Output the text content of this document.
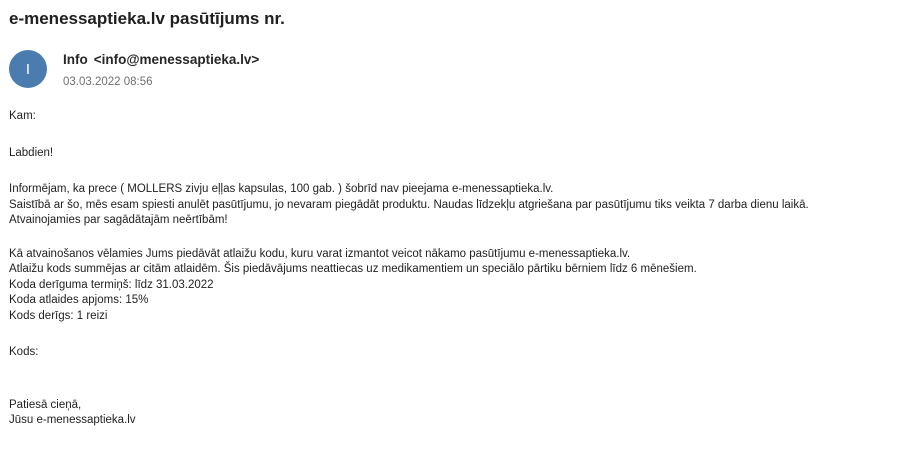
e-menessaptieka.lv pasūtījums nr.
I
Info <info@menessaptieka.lv>
03.03.2022 08:56
Kam:
Labdien!
Informējam, ka prece ( MOLLERS zivju eļļas kapsulas, 100 gab. ) šobrīd nav pieejama e-menessaptieka.lv.
Saistībā ar šo, mēs esam spiesti anulēt pasūtījumu, jo nevaram piegādāt produktu. Naudas līdzekļu atgriešana par pasūtījumu tiks veikta 7 darba dienu laikā.
Atvainojamies par sagādātajām neērtībām!
Kā atvainošanos vēlamies Jums piedāvāt atlaižu kodu, kuru varat izmantot veicot nākamo pasūtījumu e-menessaptieka.lv.
Atlaižu kods summējas ar citām atlaidēm. Šis piedāvājums neattiecas uz medikamentiem un speciālo pārtiku bērniem līdz 6 mēnešiem.
Koda derīguma termiņš: līdz 31.03.2022
Koda atlaides apjoms: 15%
Kods derīgs: 1 reizi
Kods:
Patiesā cieņā,
Jūsu e-menessaptieka.lv
